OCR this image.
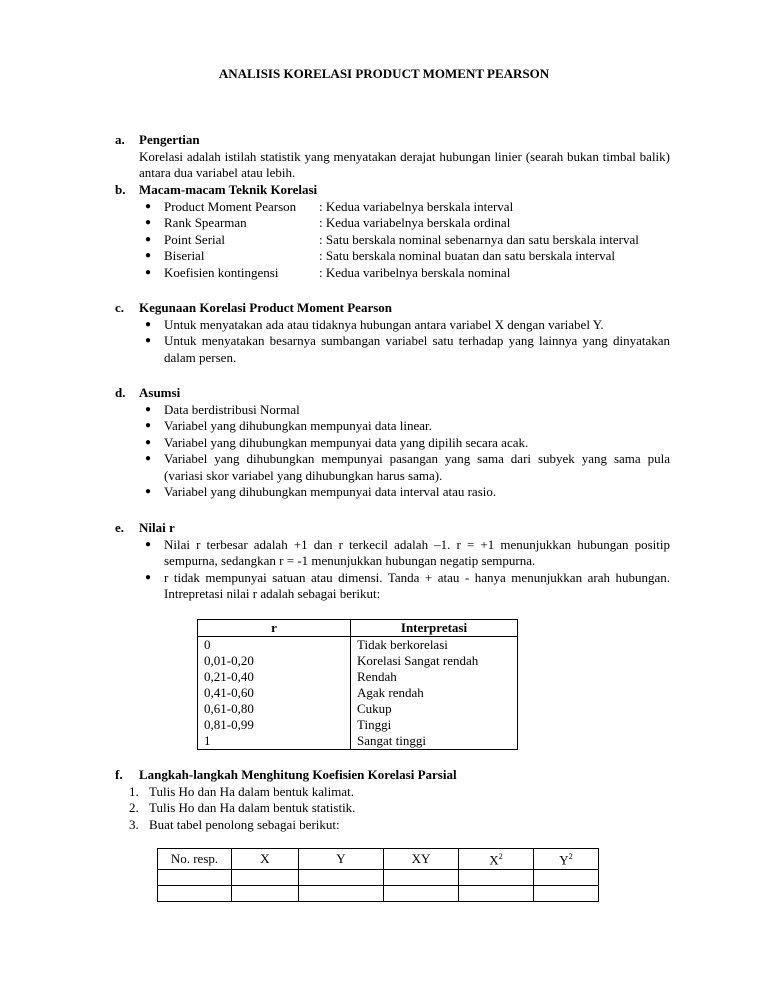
ANALISIS KORELASI PRODUCT MOMENT PEARSON
a.	Pengertian
Korelasi adalah istilah statistik yang menyatakan derajat hubungan linier (searah bukan timbal balik) antara dua variabel atau lebih.
b.	Macam-macam Teknik Korelasi
● Product Moment Pearson	: Kedua variabelnya berskala interval
● Rank Spearman	: Kedua variabelnya berskala ordinal
● Point Serial	: Satu berskala nominal sebenarnya dan satu berskala interval
● Biserial	: Satu berskala nominal buatan dan satu berskala interval
● Koefisien kontingensi	: Kedua varibelnya berskala nominal
c.	Kegunaan Korelasi Product Moment Pearson
● Untuk menyatakan ada atau tidaknya hubungan antara variabel X dengan variabel Y.
● Untuk menyatakan besarnya sumbangan variabel satu terhadap yang lainnya yang dinyatakan dalam persen.
d.	Asumsi
● Data berdistribusi Normal
● Variabel yang dihubungkan mempunyai data linear.
● Variabel yang dihubungkan mempunyai data yang dipilih secara acak.
● Variabel yang dihubungkan mempunyai pasangan yang sama dari subyek yang sama pula (variasi skor variabel yang dihubungkan harus sama).
● Variabel yang dihubungkan mempunyai data interval atau rasio.
e.	Nilai r
● Nilai r terbesar adalah +1 dan r terkecil adalah –1. r = +1 menunjukkan hubungan positip sempurna, sedangkan r = -1 menunjukkan hubungan negatip sempurna.
● r tidak mempunyai satuan atau dimensi. Tanda + atau - hanya menunjukkan arah hubungan. Intrepretasi nilai r adalah sebagai berikut:
r	Interpretasi
0	Tidak berkorelasi
0,01-0,20	Korelasi Sangat rendah
0,21-0,40	Rendah
0,41-0,60	Agak rendah
0,61-0,80	Cukup
0,81-0,99	Tinggi
1	Sangat tinggi
f.	Langkah-langkah Menghitung Koefisien Korelasi Parsial
1. Tulis Ho dan Ha dalam bentuk kalimat.
2. Tulis Ho dan Ha dalam bentuk statistik.
3. Buat tabel penolong sebagai berikut:
No. resp.	X	Y	XY	$X^2$	$Y^2$
